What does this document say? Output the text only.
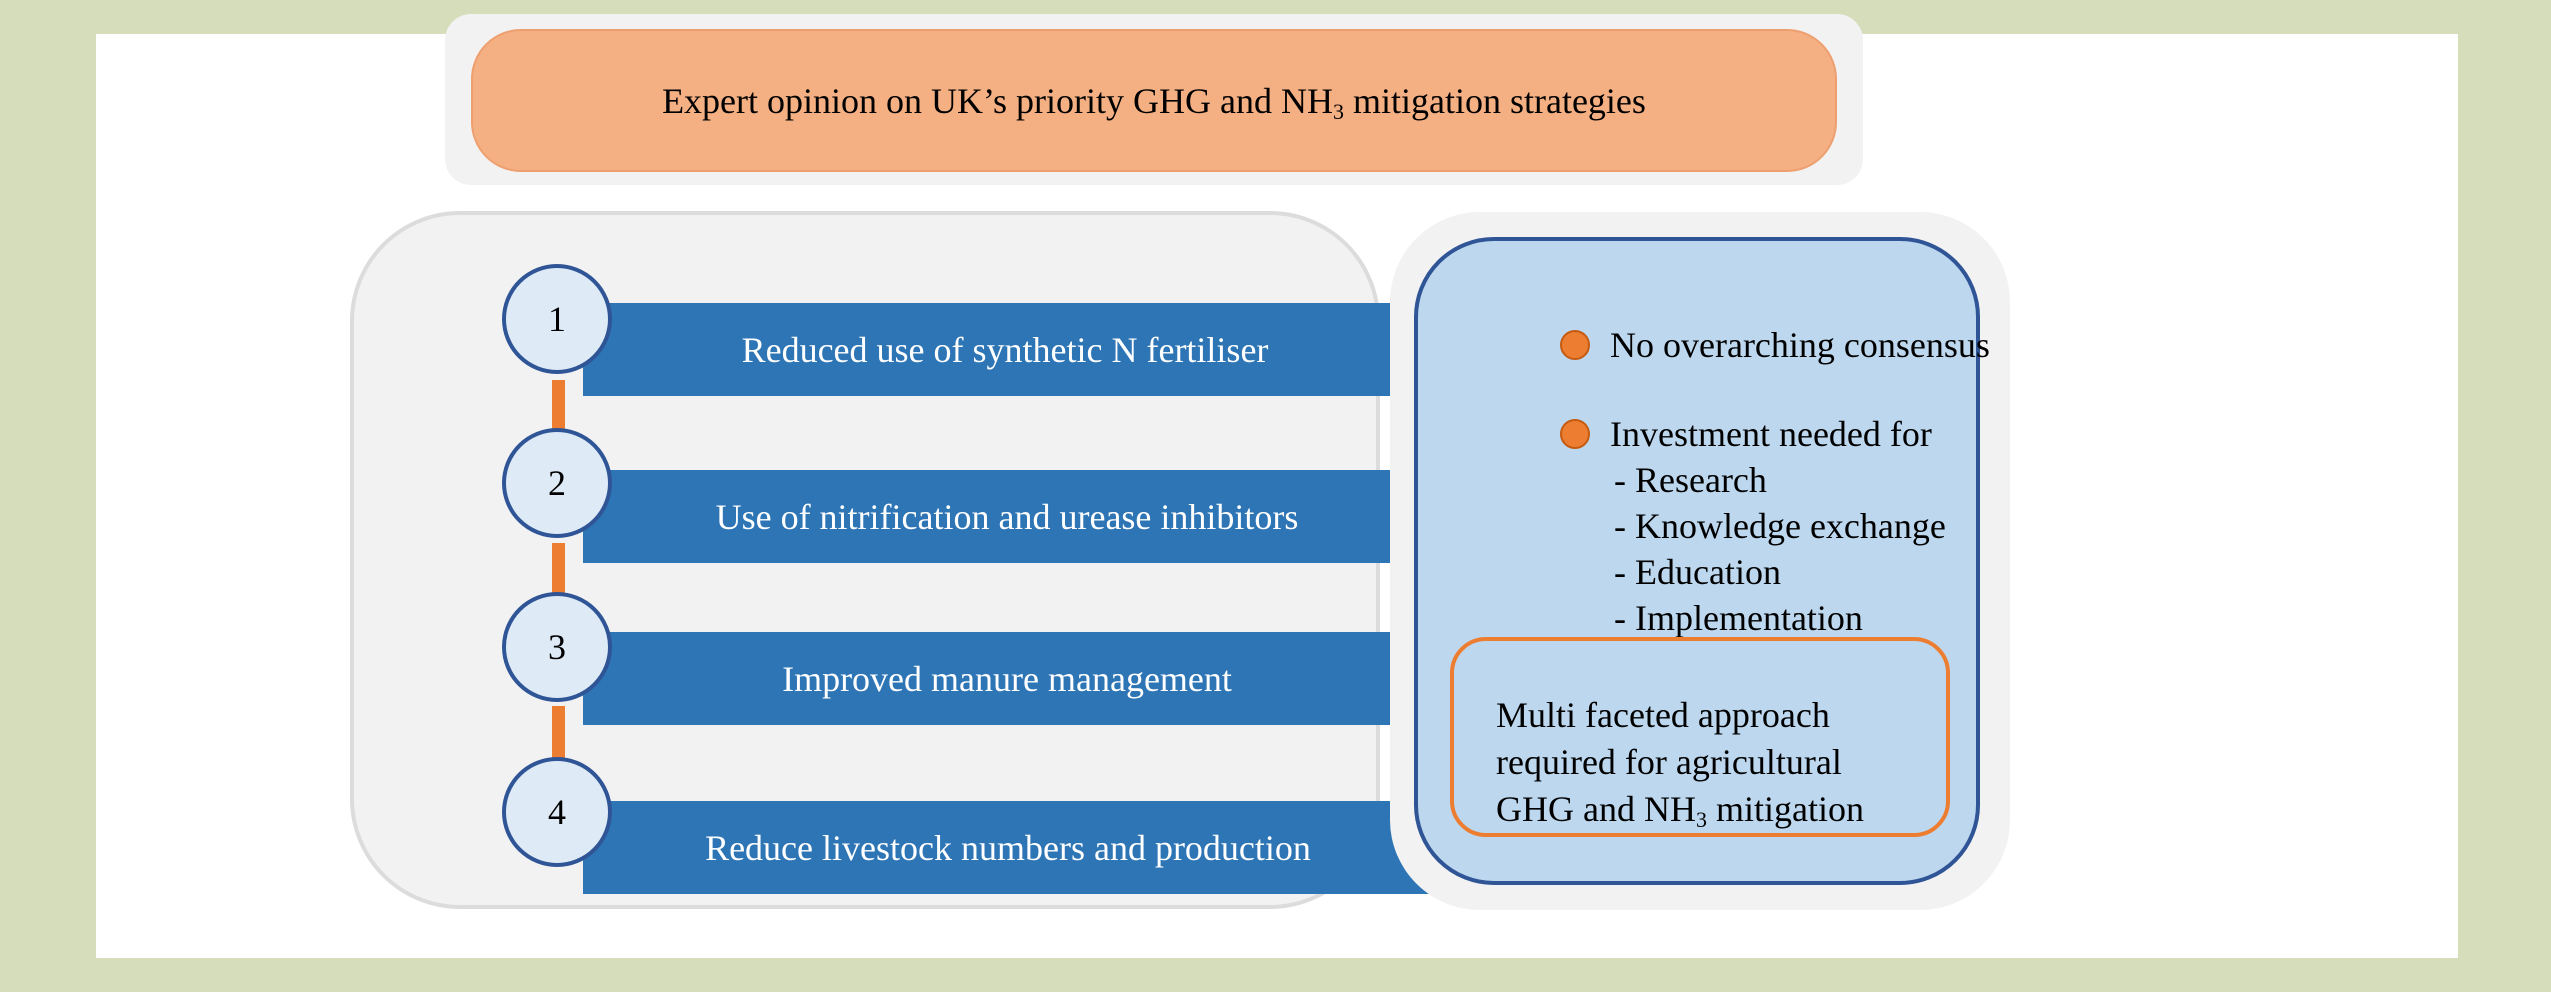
Expert opinion on UK’s priority GHG and $NH_3$ mitigation strategies
Reduced use of synthetic N fertiliser
Use of nitrification and urease inhibitors
Improved manure management
Reduce livestock numbers and production
1
2
3
4
No overarching consensus
Investment needed for
- Research
- Knowledge exchange
- Education
- Implementation
Multi faceted approach
required for agricultural
GHG and $NH_3$ mitigation
